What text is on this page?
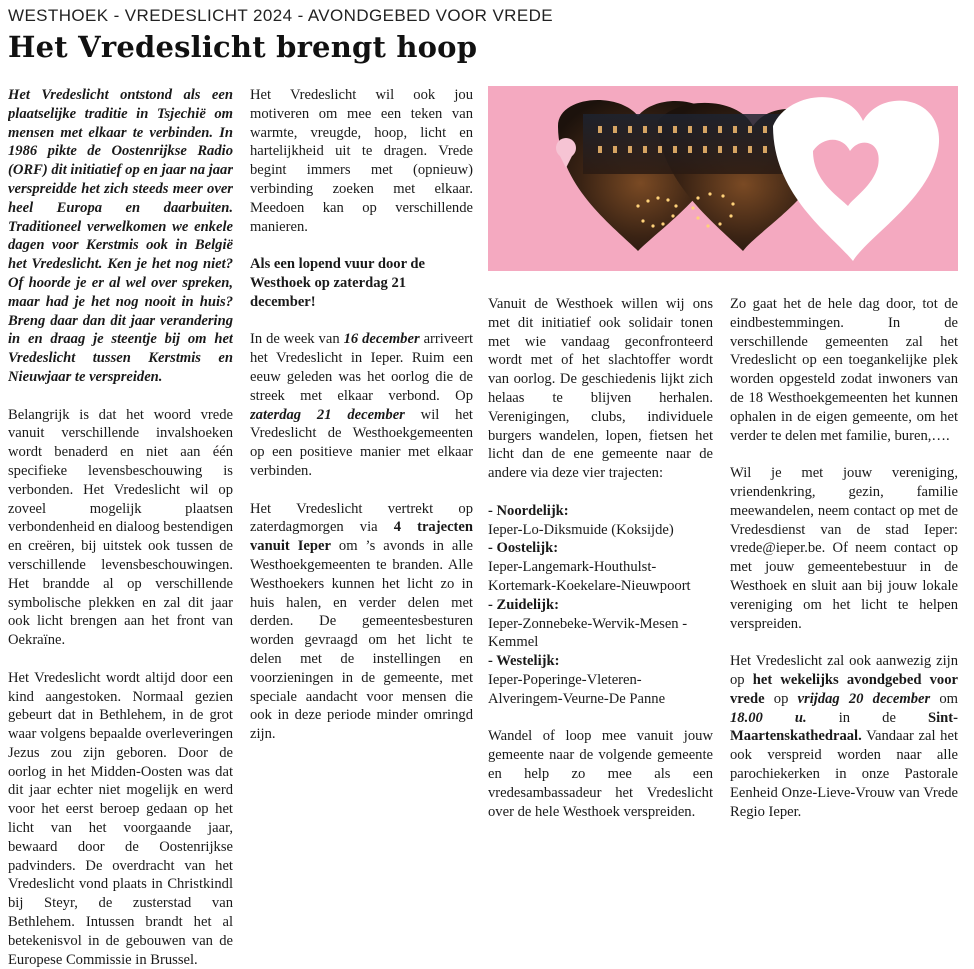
WESTHOEK - VREDESLICHT 2024 - AVONDGEBED VOOR VREDE
Het Vredeslicht brengt hoop

Het Vredeslicht ontstond als een plaatselijke traditie in Tsjechië om mensen met elkaar te verbinden. In 1986 pikte de Oostenrijkse Radio (ORF) dit initiatief op en jaar na jaar verspreidde het zich steeds meer over heel Europa en daarbuiten. Traditioneel verwelkomen we enkele dagen voor Kerstmis ook in België het Vredeslicht. Ken je het nog niet? Of hoorde je er al wel over spreken, maar had je het nog nooit in huis? Breng daar dan dit jaar verandering in en draag je steentje bij om het Vredeslicht tussen Kerstmis en Nieuwjaar te verspreiden.

Belangrijk is dat het woord vrede vanuit verschillende invalshoeken wordt benaderd en niet aan één specifieke levensbeschouwing is verbonden. Het Vredeslicht wil op zoveel mogelijk plaatsen verbondenheid en dialoog bestendigen en creëren, bij uitstek ook tussen de verschillende levensbeschouwingen. Het brandde al op verschillende symbolische plekken en zal dit jaar ook licht brengen aan het front van Oekraïne.

Het Vredeslicht wordt altijd door een kind aangestoken. Normaal gezien gebeurt dat in Bethlehem, in de grot waar volgens bepaalde overleveringen Jezus zou zijn geboren. Door de oorlog in het Midden-Oosten was dat dit jaar echter niet mogelijk en werd voor het eerst beroep gedaan op het licht van het voorgaande jaar, bewaard door de Oostenrijkse padvinders. De overdracht van het Vredeslicht vond plaats in Christkindl bij Steyr, de zusterstad van Bethlehem. Intussen brandt het al betekenisvol in de gebouwen van de Europese Commissie in Brussel.

Het Vredeslicht wil ook jou motiveren om mee een teken van warmte, vreugde, hoop, licht en hartelijkheid uit te dragen. Vrede begint immers met (opnieuw) verbinding zoeken met elkaar. Meedoen kan op verschillende manieren.

Als een lopend vuur door de Westhoek op zaterdag 21 december!

In de week van 16 december arriveert het Vredeslicht in Ieper. Ruim een eeuw geleden was het oorlog die de streek met elkaar verbond. Op zaterdag 21 december wil het Vredeslicht de Westhoekgemeenten op een positieve manier met elkaar verbinden.

Het Vredeslicht vertrekt op zaterdagmorgen via 4 trajecten vanuit Ieper om ’s avonds in alle Westhoekgemeenten te branden. Alle Westhoekers kunnen het licht zo in huis halen, en verder delen met derden. De gemeentesbesturen worden gevraagd om het licht te delen met de instellingen en voorzieningen in de gemeente, met speciale aandacht voor mensen die ook in deze periode minder omringd zijn.

Vanuit de Westhoek willen wij ons met dit initiatief ook solidair tonen met wie vandaag geconfronteerd wordt met of het slachtoffer wordt van oorlog. De geschiedenis lijkt zich helaas te blijven herhalen. Verenigingen, clubs, individuele burgers wandelen, lopen, fietsen het licht dan de ene gemeente naar de andere via deze vier trajecten:

- Noordelijk:
Ieper-Lo-Diksmuide (Koksijde)
- Oostelijk:
Ieper-Langemark-Houthulst-Kortemark-Koekelare-Nieuwpoort
- Zuidelijk:
Ieper-Zonnebeke-Wervik-Mesen -Kemmel
- Westelijk:
Ieper-Poperinge-Vleteren-Alveringem-Veurne-De Panne

Wandel of loop mee vanuit jouw gemeente naar de volgende gemeente en help zo mee als een vredesambassadeur het Vredeslicht over de hele Westhoek verspreiden.

Zo gaat het de hele dag door, tot de eindbestemmingen. In de verschillende gemeenten zal het Vredeslicht op een toegankelijke plek worden opgesteld zodat inwoners van de 18 Westhoekgemeenten het kunnen ophalen in de eigen gemeente, om het verder te delen met familie, buren,….

Wil je met jouw vereniging, vriendenkring, gezin, familie meewandelen, neem contact op met de Vredesdienst van de stad Ieper: vrede@ieper.be. Of neem contact op met jouw gemeentebestuur in de Westhoek en sluit aan bij jouw lokale vereniging om het licht te helpen verspreiden.

Het Vredeslicht zal ook aanwezig zijn op het wekelijks avondgebed voor vrede op vrijdag 20 december om 18.00 u. in de Sint-Maartenskathedraal. Vandaar zal het ook verspreid worden naar alle parochiekerken in onze Pastorale Eenheid Onze-Lieve-Vrouw van Vrede Regio Ieper.
